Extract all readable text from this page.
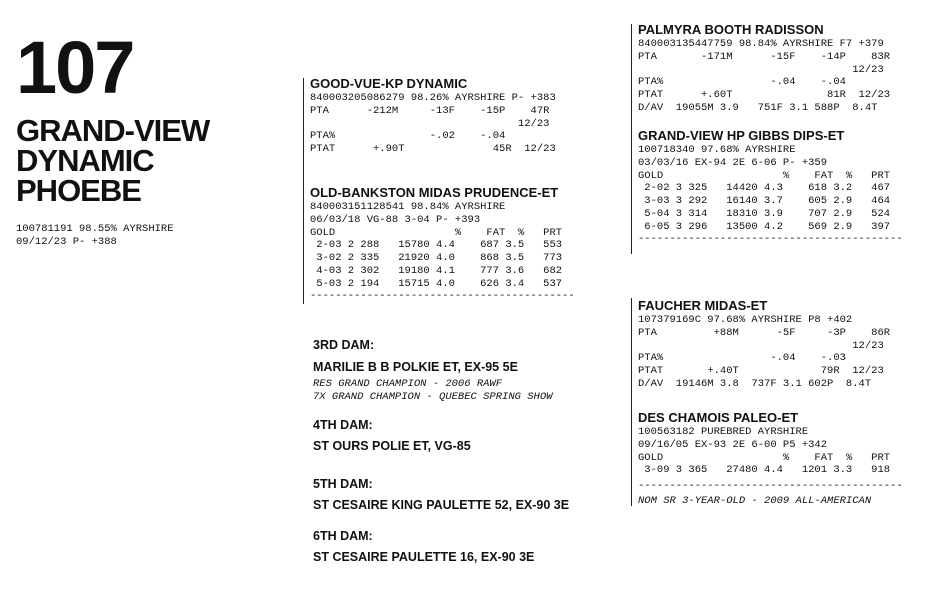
107
GRAND-VIEW
DYNAMIC
PHOEBE
100781191 98.55% AYRSHIRE
09/12/23 P- +388
GOOD-VUE-KP DYNAMIC
840003205086279 98.26% AYRSHIRE P- +383
PTA      -212M     -13F    -15P    47R
12/23
PTA%               -.02    -.04
PTAT      +.90T              45R  12/23
OLD-BANKSTON MIDAS PRUDENCE-ET
840003151128541 98.84% AYRSHIRE
06/03/18 VG-88 3-04 P- +393
GOLD                   %    FAT  %   PRT
2-03 2 288   15780 4.4    687 3.5   553
3-02 2 335   21920 4.0    868 3.5   773
4-03 2 302   19180 4.1    777 3.6   682
5-03 2 194   15715 4.0    626 3.4   537
------------------------------------------
PALMYRA BOOTH RADISSON
840003135447759 98.84% AYRSHIRE F7 +379
PTA       -171M      -15F    -14P    83R
12/23
PTA%                 -.04    -.04
PTAT      +.60T               81R  12/23
D/AV  19055M 3.9   751F 3.1 588P  8.4T
GRAND-VIEW HP GIBBS DIPS-ET
100718340 97.68% AYRSHIRE
03/03/16 EX-94 2E 6-06 P- +359
GOLD                   %    FAT  %   PRT
2-02 3 325   14420 4.3    618 3.2   467
3-03 3 292   16140 3.7    605 2.9   464
5-04 3 314   18310 3.9    707 2.9   524
6-05 3 296   13500 4.2    569 2.9   397
------------------------------------------
FAUCHER MIDAS-ET
107379169C 97.68% AYRSHIRE P8 +402
PTA         +88M      -5F     -3P    86R
12/23
PTA%                 -.04    -.03
PTAT       +.40T             79R  12/23
D/AV  19146M 3.8  737F 3.1 602P  8.4T
DES CHAMOIS PALEO-ET
100563182 PUREBRED AYRSHIRE
09/16/05 EX-93 2E 6-00 P5 +342
GOLD                   %    FAT  %   PRT
3-09 3 365   27480 4.4   1201 3.3   918
------------------------------------------
NOM SR 3-YEAR-OLD - 2009 ALL-AMERICAN
3RD DAM:
MARILIE B B POLKIE ET, EX-95 5E
RES GRAND CHAMPION - 2006 RAWF
7X GRAND CHAMPION - QUEBEC SPRING SHOW
4TH DAM:
ST OURS POLIE ET, VG-85
5TH DAM:
ST CESAIRE KING PAULETTE 52, EX-90 3E
6TH DAM:
ST CESAIRE PAULETTE 16, EX-90 3E
